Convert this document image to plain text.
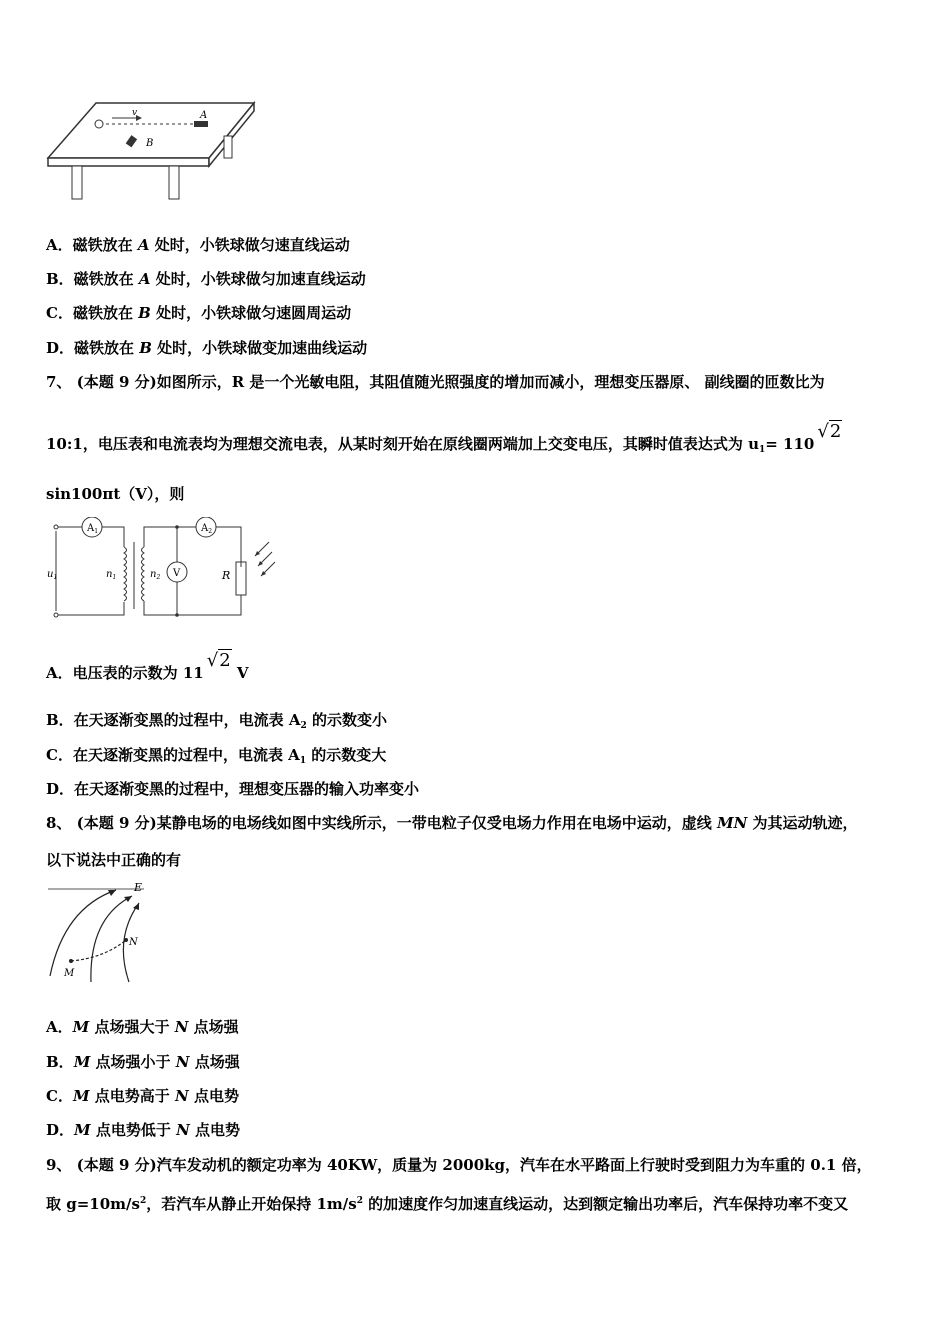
v	A
B
$A_1$	$A_2$
V
$u_1$	$n_1$	$n_2$	R
E
M
N
A．磁铁放在 A 处时，小铁球做匀速直线运动
B．磁铁放在 A 处时，小铁球做匀加速直线运动
C．磁铁放在 B 处时，小铁球做匀速圆周运动
D．磁铁放在 B 处时，小铁球做变加速曲线运动
7、 (本题 9 分)如图所示，R 是一个光敏电阻，其阻值随光照强度的增加而减小，理想变压器原、 副线圈的匝数比为
10:1，电压表和电流表均为理想交流电表，从某时刻开始在原线圈两端加上交变电压，其瞬时值表达式为 $u_1= 110√2$
sin100πt（V），则
A．电压表的示数为 11√2 V
B．在天逐渐变黑的过程中，电流表 $A_2$ 的示数变小
C．在天逐渐变黑的过程中，电流表 $A_1$ 的示数变大
D．在天逐渐变黑的过程中，理想变压器的输入功率变小
8、 (本题 9 分)某静电场的电场线如图中实线所示，一带电粒子仅受电场力作用在电场中运动，虚线 MN 为其运动轨迹，
以下说法中正确的有
A．M 点场强大于 N 点场强
B．M 点场强小于 N 点场强
C．M 点电势高于 N 点电势
D．M 点电势低于 N 点电势
9、 (本题 9 分)汽车发动机的额定功率为 40KW，质量为 2000kg，汽车在水平路面上行驶时受到阻力为车重的 0.1 倍，
取 $g=10m/s^2$，若汽车从静止开始保持 $1m/s^2$ 的加速度作匀加速直线运动，达到额定输出功率后，汽车保持功率不变又
